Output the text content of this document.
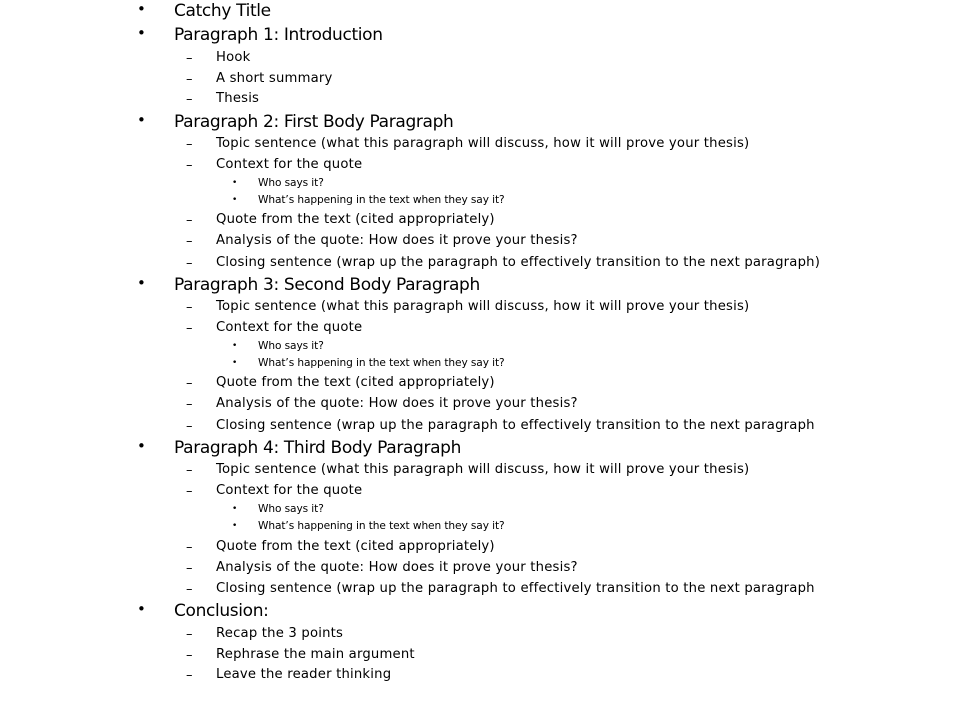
• Catchy Title
• Paragraph 1: Introduction
– Hook
– A short summary
– Thesis
• Paragraph 2: First Body Paragraph
– Topic sentence (what this paragraph will discuss, how it will prove your thesis)
– Context for the quote
• Who says it?
• What’s happening in the text when they say it?
– Quote from the text (cited appropriately)
– Analysis of the quote: How does it prove your thesis?
– Closing sentence (wrap up the paragraph to effectively transition to the next paragraph)
• Paragraph 3: Second Body Paragraph
– Topic sentence (what this paragraph will discuss, how it will prove your thesis)
– Context for the quote
• Who says it?
• What’s happening in the text when they say it?
– Quote from the text (cited appropriately)
– Analysis of the quote: How does it prove your thesis?
– Closing sentence (wrap up the paragraph to effectively transition to the next paragraph
• Paragraph 4: Third Body Paragraph
– Topic sentence (what this paragraph will discuss, how it will prove your thesis)
– Context for the quote
• Who says it?
• What’s happening in the text when they say it?
– Quote from the text (cited appropriately)
– Analysis of the quote: How does it prove your thesis?
– Closing sentence (wrap up the paragraph to effectively transition to the next paragraph
• Conclusion:
– Recap the 3 points
– Rephrase the main argument
– Leave the reader thinking
